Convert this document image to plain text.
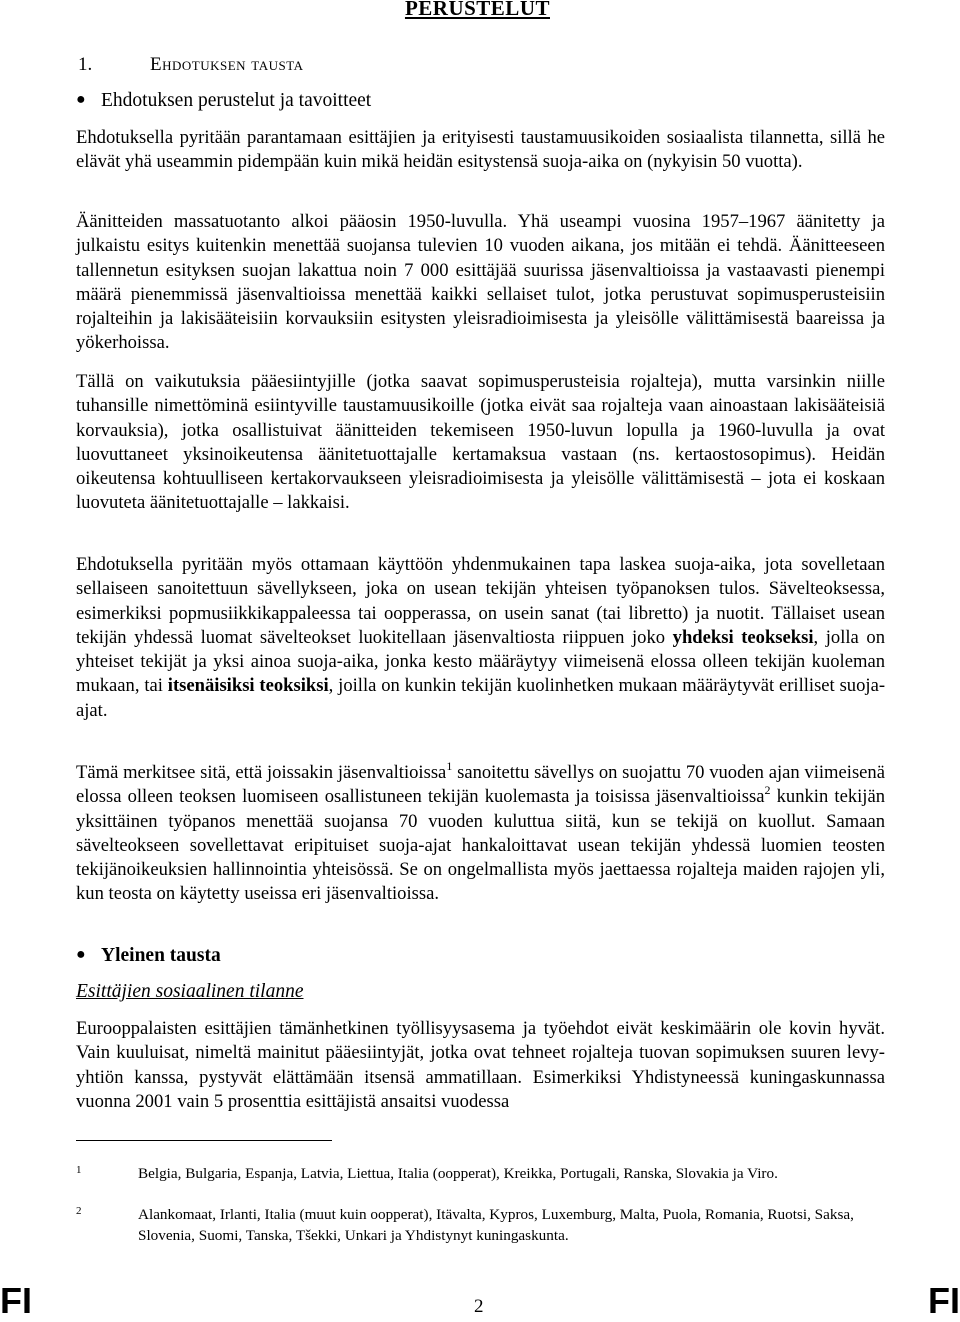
PERUSTELUT
1.	Ehdotuksen tausta
● Ehdotuksen perustelut ja tavoitteet

Ehdotuksella pyritään parantamaan esittäjien ja erityisesti taustamuusikoiden sosiaalista tilannetta, sillä he elävät yhä useammin pidempään kuin mikä heidän esitystensä suoja-aika on (nykyisin 50 vuotta).

Äänitteiden massatuotanto alkoi pääosin 1950-luvulla. Yhä useampi vuosina 1957–1967 äänitetty ja julkaistu esitys kuitenkin menettää suojansa tulevien 10 vuoden aikana, jos mitään ei tehdä. Äänitteeseen tallennetun esityksen suojan lakattua noin 7 000 esittäjää suurissa jäsenvaltioissa ja vastaavasti pienempi määrä pienemmissä jäsenvaltioissa menettää kaikki sellaiset tulot, jotka perustuvat sopimusperusteisiin rojalteihin ja lakisääteisiin korvauksiin esitysten yleisradioimisesta ja yleisölle välittämisestä baareissa ja yökerhoissa.

Tällä on vaikutuksia pääesiintyjille (jotka saavat sopimusperusteisia rojalteja), mutta varsinkin niille tuhansille nimettöminä esiintyville taustamuusikoille (jotka eivät saa rojalteja vaan ainoastaan lakisääteisiä korvauksia), jotka osallistuivat äänitteiden tekemiseen 1950-luvun lopulla ja 1960-luvulla ja ovat luovuttaneet yksinoikeutensa äänitetuottajalle kertamaksua vastaan (ns. kertaostosopimus). Heidän oikeutensa kohtuulliseen kertakorvaukseen yleisradioimisesta ja yleisölle välittämisestä – jota ei koskaan luovuteta äänitetuottajalle – lakkaisi.

Ehdotuksella pyritään myös ottamaan käyttöön yhdenmukainen tapa laskea suoja-aika, jota sovelletaan sellaiseen sanoitettuun sävellykseen, joka on usean tekijän yhteisen työpanoksen tulos. Sävelteoksessa, esimerkiksi popmusiikkikappaleessa tai oopperassa, on usein sanat (tai libretto) ja nuotit. Tällaiset usean tekijän yhdessä luomat sävelteokset luokitellaan jäsenvaltiosta riippuen joko yhdeksi teokseksi, jolla on yhteiset tekijät ja yksi ainoa suoja-aika, jonka kesto määräytyy viimeisenä elossa olleen tekijän kuoleman mukaan, tai itsenäisiksi teoksiksi, joilla on kunkin tekijän kuolinhetken mukaan määräytyvät erilliset suoja-ajat.

Tämä merkitsee sitä, että joissakin jäsenvaltioissa$^1$ sanoitettu sävellys on suojattu 70 vuoden ajan viimeisenä elossa olleen teoksen luomiseen osallistuneen tekijän kuolemasta ja toisissa jäsenvaltioissa$^2$ kunkin tekijän yksittäinen työpanos menettää suojansa 70 vuoden kuluttua siitä, kun se tekijä on kuollut. Samaan sävelteokseen sovellettavat eripituiset suoja-ajat hankaloittavat usean tekijän yhdessä luomien teosten tekijänoikeuksien hallinnointia yhteisössä. Se on ongelmallista myös jaettaessa rojalteja maiden rajojen yli, kun teosta on käytetty useissa eri jäsenvaltioissa.

● Yleinen tausta
Esittäjien sosiaalinen tilanne

Eurooppalaisten esittäjien tämänhetkinen työllisyysasema ja työehdot eivät keskimäärin ole kovin hyvät. Vain kuuluisat, nimeltä mainitut pääesiintyjät, jotka ovat tehneet rojalteja tuovan sopimuksen suuren levy-yhtiön kanssa, pystyvät elättämään itsensä ammatillaan. Esimerkiksi Yhdistyneessä kuningaskunnassa vuonna 2001 vain 5 prosenttia esittäjistä ansaitsi vuodessa

1	Belgia, Bulgaria, Espanja, Latvia, Liettua, Italia (oopperat), Kreikka, Portugali, Ranska, Slovakia ja Viro.
2	Alankomaat, Irlanti, Italia (muut kuin oopperat), Itävalta, Kypros, Luxemburg, Malta, Puola, Romania, Ruotsi, Saksa, Slovenia, Suomi, Tanska, Tšekki, Unkari ja Yhdistynyt kuningaskunta.
FI	2	FI
